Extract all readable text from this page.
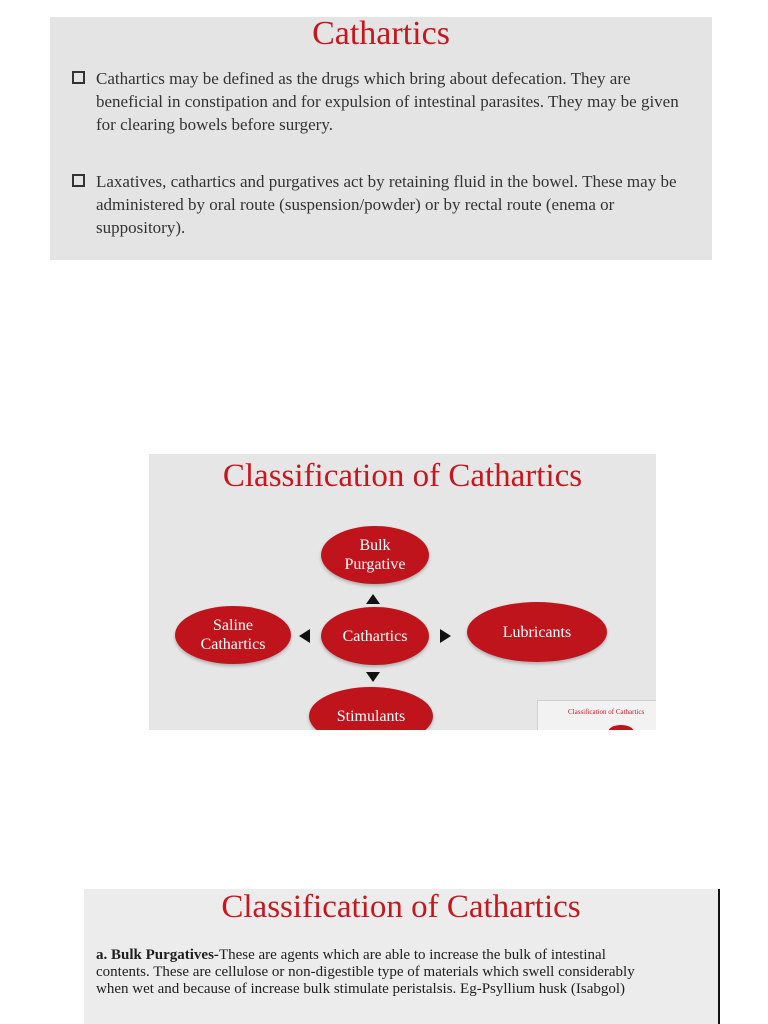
Cathartics
Cathartics may be defined as the drugs which bring about defecation. They are beneficial in constipation and for expulsion of intestinal parasites. They may be given for clearing bowels before surgery.
Laxatives, cathartics and purgatives act by retaining fluid in the bowel. These may be administered by oral route (suspension/powder) or by rectal route (enema or suppository).
Classification of Cathartics
Bulk
Purgative
Saline
Cathartics	Cathartics	Lubricants
Stimulants	Classification of Cathartics
Classification of Cathartics
a. Bulk Purgatives-These are agents which are able to increase the bulk of intestinal contents. These are cellulose or non-digestible type of materials which swell considerably when wet and because of increase bulk stimulate peristalsis. Eg-Psyllium husk (Isabgol)
